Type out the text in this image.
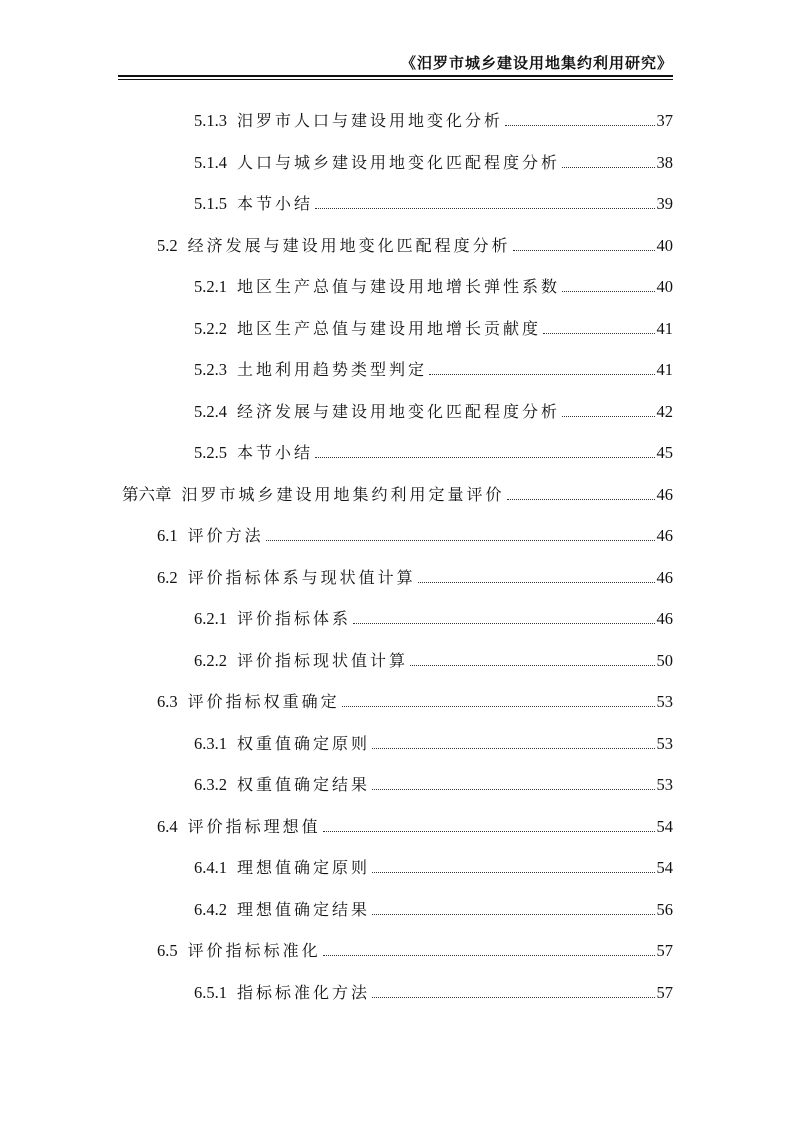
《汨罗市城乡建设用地集约利用研究》
5.1.3 汨罗市人口与建设用地变化分析	37
5.1.4 人口与城乡建设用地变化匹配程度分析	38
5.1.5 本节小结	39
5.2 经济发展与建设用地变化匹配程度分析	40
5.2.1 地区生产总值与建设用地增长弹性系数	40
5.2.2 地区生产总值与建设用地增长贡献度	41
5.2.3 土地利用趋势类型判定	41
5.2.4 经济发展与建设用地变化匹配程度分析	42
5.2.5 本节小结	45
第六章 汨罗市城乡建设用地集约利用定量评价	46
6.1 评价方法	46
6.2 评价指标体系与现状值计算	46
6.2.1 评价指标体系	46
6.2.2 评价指标现状值计算	50
6.3 评价指标权重确定	53
6.3.1 权重值确定原则	53
6.3.2 权重值确定结果	53
6.4 评价指标理想值	54
6.4.1 理想值确定原则	54
6.4.2 理想值确定结果	56
6.5 评价指标标准化	57
6.5.1 指标标准化方法	57
